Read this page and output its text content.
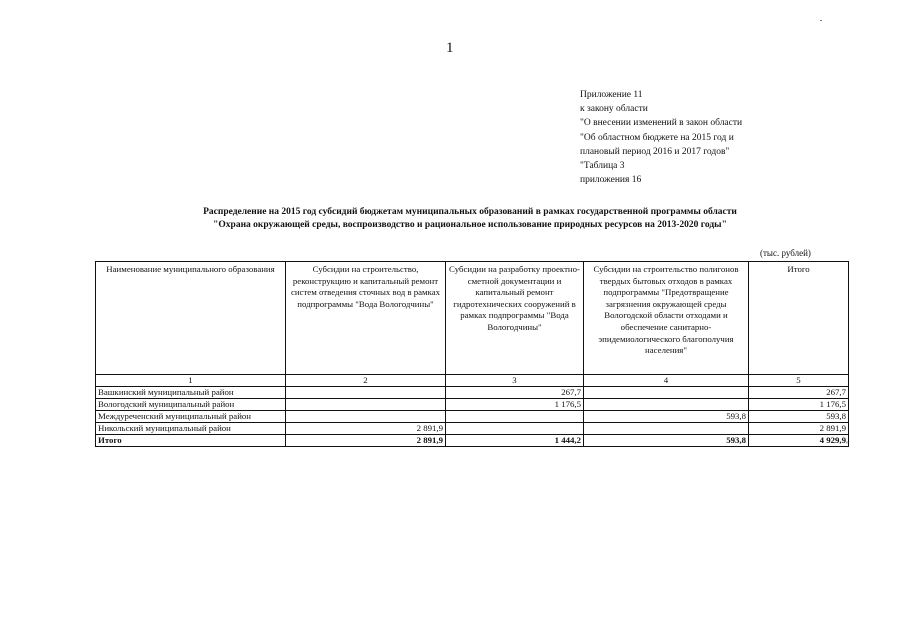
1
Приложение 11
к закону области
"О внесении изменений в закон области
"Об областном бюджете на 2015 год и
плановый период 2016 и 2017 годов"
"Таблица 3
приложения 16
Распределение на 2015 год субсидий бюджетам муниципальных образований в рамках государственной программы области
"Охрана окружающей среды, воспроизводство и рациональное использование природных ресурсов на 2013-2020 годы"
(тыс. рублей)
Наименование муниципального образования	Субсидии на строительство, реконструкцию и капитальный ремонт систем отведения сточных вод в рамках подпрограммы "Вода Вологодчины"	Субсидии на разработку проектно-сметной документации и капитальный ремонт гидротехнических сооружений в рамках подпрограммы "Вода Вологодчины"	Субсидии на строительство полигонов твердых бытовых отходов в рамках подпрограммы "Предотвращение загрязнения окружающей среды Вологодской области отходами и обеспечение санитарно-эпидемиологического благополучия населения"	Итого
1	2	3	4	5
Вашкинский муниципальный район		267,7		267,7
Вологодский муниципальный район		1 176,5		1 176,5
Междуреченский муниципальный район			593,8	593,8
Никольский муниципальный район	2 891,9			2 891,9
Итого	2 891,9	1 444,2	593,8	4 929,9 "
